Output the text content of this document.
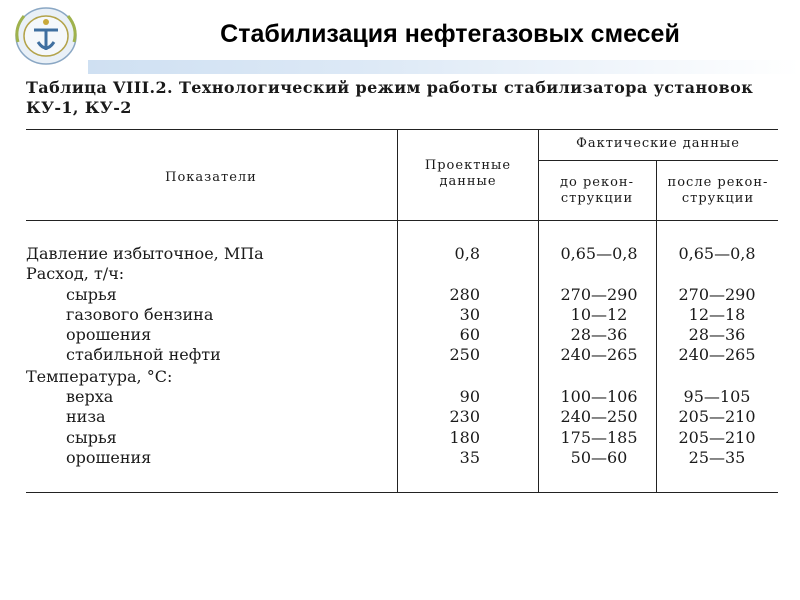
Стабилизация нефтегазовых смесей
Таблица VIII.2. Технологический режим работы стабилизатора установок
КУ-1, КУ-2
Показатели
Проектные
данные
Фактические данные
до рекон-
струкции
после рекон-
струкции
Давление избыточное, МПа	0,8	0,65—0,8	0,65—0,8
Расход, т/ч:
сырья	280	270—290	270—290
газового бензина	30	10—12	12—18
орошения	60	28—36	28—36
стабильной нефти	250	240—265	240—265
Температура, °С:
верха	90	100—106	95—105
низа	230	240—250	205—210
сырья	180	175—185	205—210
орошения	35	50—60	25—35
